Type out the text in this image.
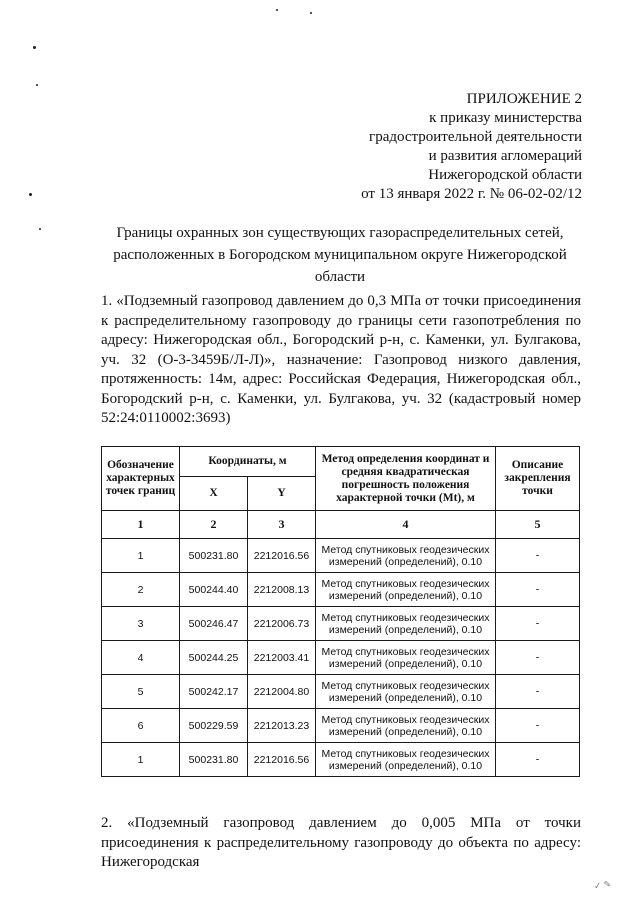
ПРИЛОЖЕНИЕ 2
к приказу министерства
градостроительной деятельности
и развития агломераций
Нижегородской области
от 13 января 2022 г. № 06-02-02/12
Границы охранных зон существующих газораспределительных сетей,
расположенных в Богородском муниципальном округе Нижегородской
области
1. «Подземный газопровод давлением до 0,3 МПа от точки присоединения к распределительному газопроводу до границы сети газопотребления по адресу: Нижегородская обл., Богородский р-н, с. Каменки, ул. Булгакова, уч. 32 (О-3-3459Б/Л-Л)», назначение: Газопровод низкого давления, протяженность: 14м, адрес: Российская Федерация, Нижегородская обл., Богородский р-н, с. Каменки, ул. Булгакова, уч. 32 (кадастровый номер 52:24:0110002:3693)
Обозначение характерных точек границ	Координаты, м		Метод определения координат и средняя квадратическая погрешность положения характерной точки (Mt), м	Описание закрепления точки
	X	Y		
1	2	3	4	5
1	500231.80	2212016.56	Метод спутниковых геодезических измерений (определений), 0.10	-
2	500244.40	2212008.13	Метод спутниковых геодезических измерений (определений), 0.10	-
3	500246.47	2212006.73	Метод спутниковых геодезических измерений (определений), 0.10	-
4	500244.25	2212003.41	Метод спутниковых геодезических измерений (определений), 0.10	-
5	500242.17	2212004.80	Метод спутниковых геодезических измерений (определений), 0.10	-
6	500229.59	2212013.23	Метод спутниковых геодезических измерений (определений), 0.10	-
1	500231.80	2212016.56	Метод спутниковых геодезических измерений (определений), 0.10	-
2. «Подземный газопровод давлением до 0,005 МПа от точки присоединения к распределительному газопроводу до объекта по адресу: Нижегородская
✓ ✎
